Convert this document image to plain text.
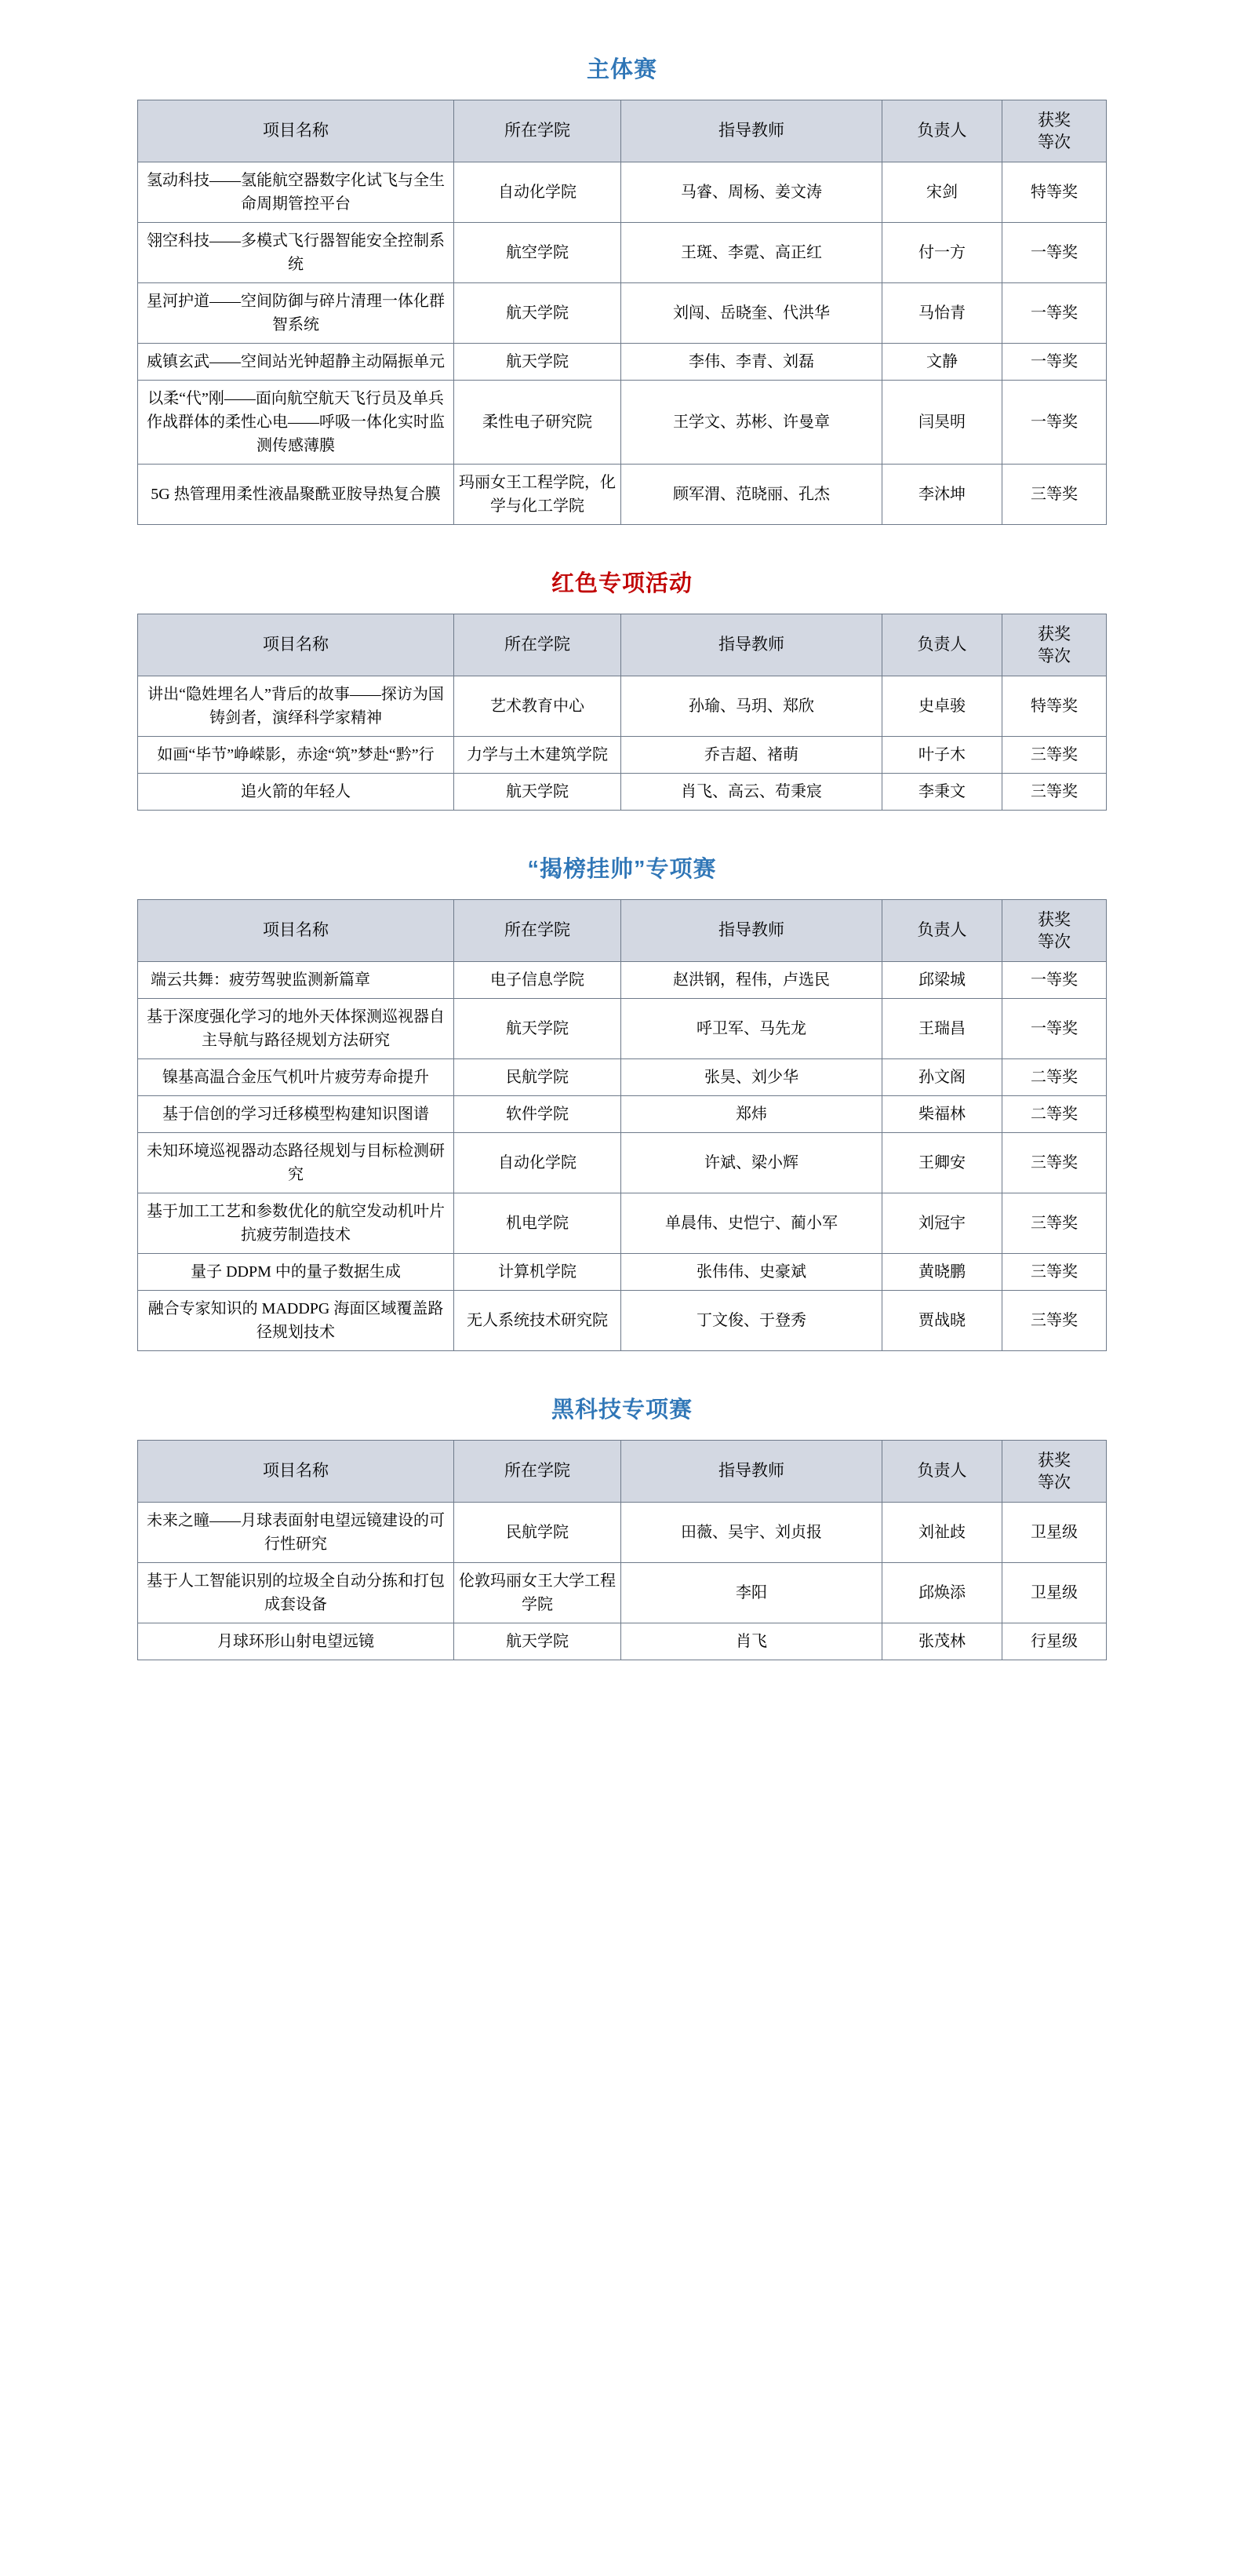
主体赛
项目名称	所在学院	指导教师	负责人	获奖
等次

氢动科技——氢能航空器数字化试飞与全生命周期管控平台	自动化学院	马睿、周杨、姜文涛	宋剑	特等奖
翎空科技——多模式飞行器智能安全控制系统	航空学院	王斑、李霓、高正红	付一方	一等奖
星河护道——空间防御与碎片清理一体化群智系统	航天学院	刘闯、岳晓奎、代洪华	马怡青	一等奖
威镇玄武——空间站光钟超静主动隔振单元	航天学院	李伟、李青、刘磊	文静	一等奖
以柔“代”刚——面向航空航天飞行员及单兵作战群体的柔性心电——呼吸一体化实时监测传感薄膜	柔性电子研究院	王学文、苏彬、许曼章	闫昊明	一等奖
5G 热管理用柔性液晶聚酰亚胺导热复合膜	玛丽女王工程学院，化学与化工学院	顾军渭、范晓丽、孔杰	李沐坤	三等奖
红色专项活动
项目名称	所在学院	指导教师	负责人	获奖
等次

讲出“隐姓埋名人”背后的故事——探访为国铸剑者，演绎科学家精神	艺术教育中心	孙瑜、马玥、郑欣	史卓骏	特等奖
如画“毕节”峥嵘影，赤途“筑”梦赴“黔”行	力学与土木建筑学院	乔吉超、褚萌	叶子木	三等奖
追火箭的年轻人	航天学院	肖飞、高云、苟秉宸	李秉文	三等奖
“揭榜挂帅”专项赛
项目名称	所在学院	指导教师	负责人	获奖
等次

端云共舞：疲劳驾驶监测新篇章	电子信息学院	赵洪钢，程伟，卢选民	邱梁城	一等奖
基于深度强化学习的地外天体探测巡视器自主导航与路径规划方法研究	航天学院	呼卫军、马先龙	王瑞昌	一等奖
镍基高温合金压气机叶片疲劳寿命提升	民航学院	张昊、刘少华	孙文阁	二等奖
基于信创的学习迁移模型构建知识图谱	软件学院	郑炜	柴福林	二等奖
未知环境巡视器动态路径规划与目标检测研究	自动化学院	许斌、梁小辉	王卿安	三等奖
基于加工工艺和参数优化的航空发动机叶片抗疲劳制造技术	机电学院	单晨伟、史恺宁、蔺小军	刘冠宇	三等奖
量子 DDPM 中的量子数据生成	计算机学院	张伟伟、史豪斌	黄晓鹏	三等奖
融合专家知识的 MADDPG 海面区域覆盖路径规划技术	无人系统技术研究院	丁文俊、于登秀	贾战晓	三等奖
黑科技专项赛
项目名称	所在学院	指导教师	负责人	获奖
等次

未来之瞳——月球表面射电望远镜建设的可行性研究	民航学院	田薇、吴宇、刘贞报	刘祉歧	卫星级
基于人工智能识别的垃圾全自动分拣和打包成套设备	伦敦玛丽女王大学工程学院	李阳	邱焕添	卫星级
月球环形山射电望远镜	航天学院	肖飞	张茂林	行星级
